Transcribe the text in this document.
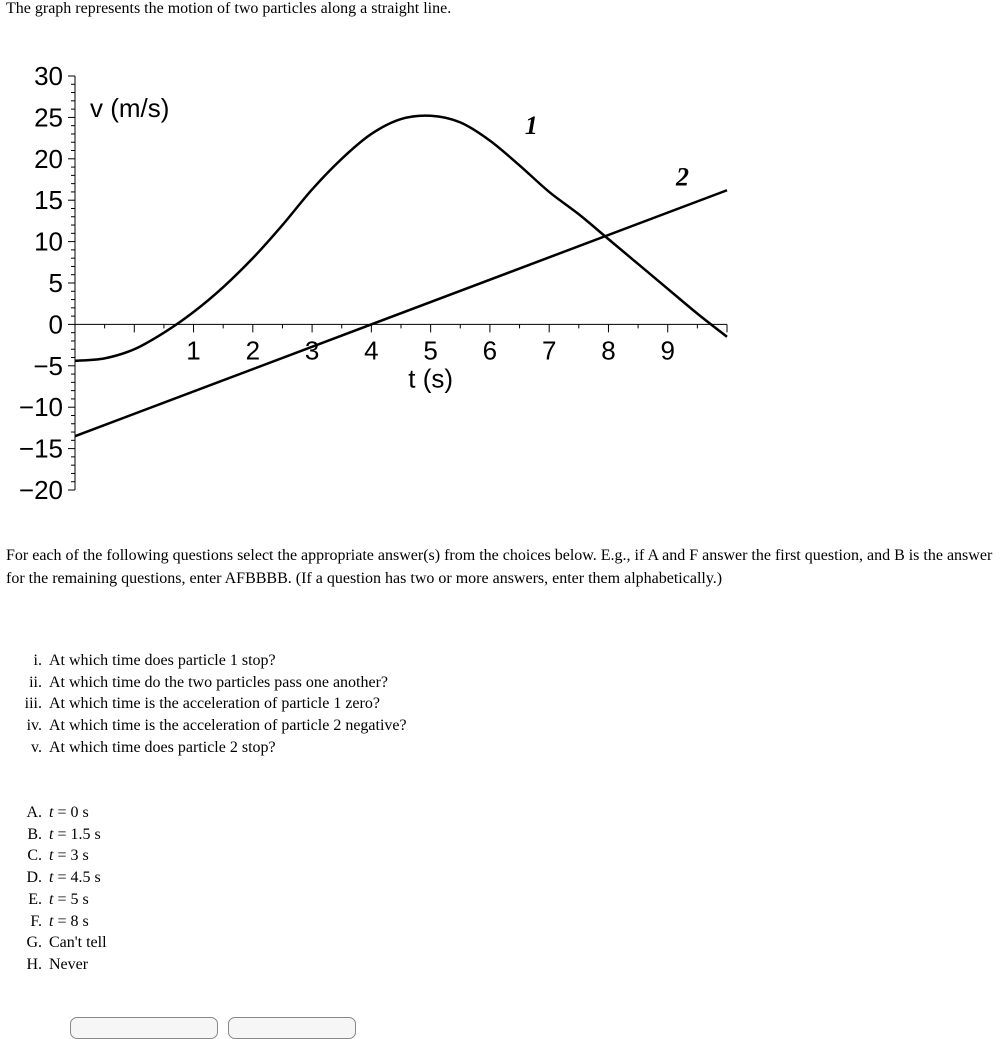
The graph represents the motion of two particles along a straight line.
30
25
20
15
10
5
0
−5
−10
−15
−20
1 2 3 4 5 6 7 8 9
v (m/s)
t (s)
1
2
For each of the following questions select the appropriate answer(s) from the choices below. E.g., if A and F answer the first question, and B is the answer for the remaining questions, enter AFBBBB. (If a question has two or more answers, enter them alphabetically.)
i. At which time does particle 1 stop?
ii. At which time do the two particles pass one another?
iii. At which time is the acceleration of particle 1 zero?
iv. At which time is the acceleration of particle 2 negative?
v. At which time does particle 2 stop?
A. t = 0 s
B. t = 1.5 s
C. t = 3 s
D. t = 4.5 s
E. t = 5 s
F. t = 8 s
G. Can't tell
H. Never
